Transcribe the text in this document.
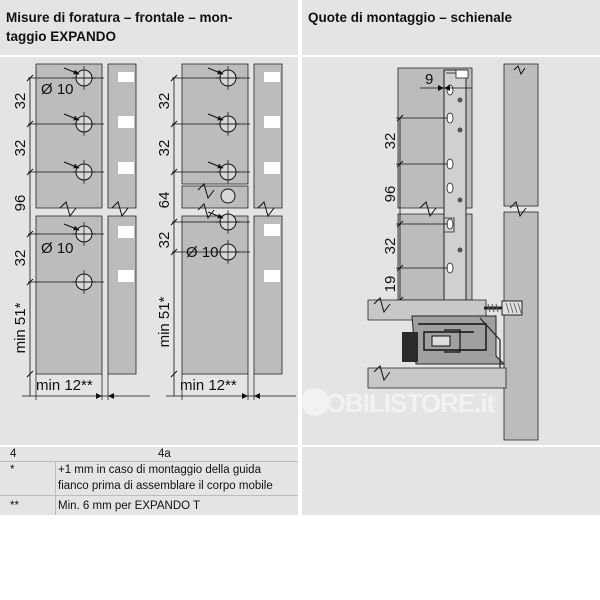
Misure di foratura – frontale – mon-
taggio EXPANDO
Quote di montaggio – schienale
32
32
96
32
min 51*
Ø 10
Ø 10
min 12**
32
32
64
32
min 51*
Ø 10
min 12**
MOBILISTORE.it
9
32
96
32
19
4	4a
*	+1 mm in caso di montaggio della guida
fianco prima di assemblare il corpo mobile
**	Min. 6 mm per EXPANDO T
